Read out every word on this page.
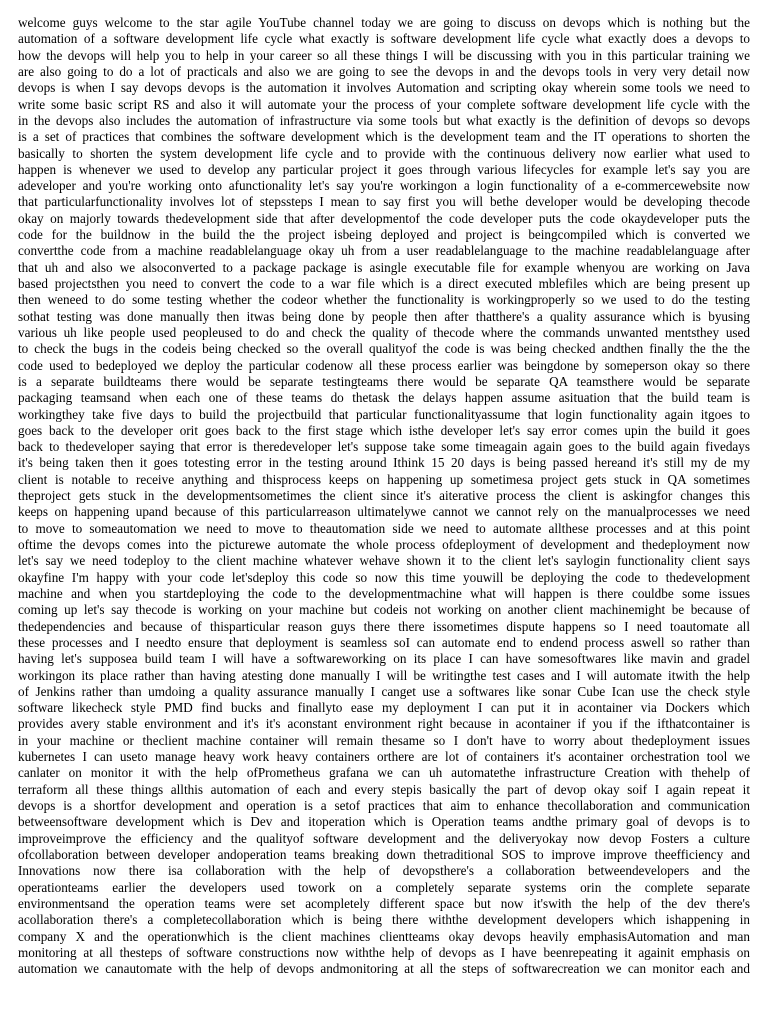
welcome guys welcome to the star agile YouTube channel today we are going to discuss on devops which is nothing but the
automation of a software development life cycle what exactly is software development life cycle what exactly does a devops to
how the devops will help you to help in your career so all these things I will be discussing with you in this particular training we
are also going to do a lot of practicals and also we are going to see the devops in and the devops tools in very very detail now
devops is when I say devops devops is the automation it involves Automation and scripting okay wherein some tools we need to
write some basic script RS and also it will automate your the process of your complete software development life cycle with the
in the devops also includes the automation of infrastructure via some tools but what exactly is the definition of devops so devops
is a set of practices that combines the software development which is the development team and the IT operations to shorten the
basically to shorten the system development life cycle and to provide with the continuous delivery now earlier what used to
happen is whenever we used to develop any particular project it goes through various lifecycles for example let's say you are
adeveloper and you're working onto afunctionality let's say you're workingon a login functionality of a e-commercewebsite now
that particularfunctionality involves lot of stepssteps I mean to say first you will bethe developer would be developing thecode
okay on majorly towards thedevelopment side that after developmentof the code developer puts the code okaydeveloper puts the
code for the buildnow in the build the the project isbeing deployed and project is beingcompiled which is converted we
convertthe code from a machine readablelanguage okay uh from a user readablelanguage to the machine readablelanguage after
that uh and also we alsoconverted to a package package is asingle executable file for example whenyou are working on Java
based projectsthen you need to convert the code to a war file which is a direct executed mblefiles which are being present up
then weneed to do some testing whether the codeor whether the functionality is workingproperly so we used to do the testing
sothat testing was done manually then itwas being done by people then after thatthere's a quality assurance which is byusing
various uh like people used peopleused to do and check the quality of thecode where the commands unwanted mentsthey used
to check the bugs in the codeis being checked so the overall qualityof the code is was being checked andthen finally the the the
code used to bedeployed we deploy the particular codenow all these process earlier was beingdone by someperson okay so there
is a separate buildteams there would be separate testingteams there would be separate QA teamsthere would be separate
packaging teamsand when each one of these teams do thetask the delays happen assume asituation that the build team is
workingthey take five days to build the projectbuild that particular functionalityassume that login functionality again itgoes to
goes back to the developer orit goes back to the first stage which isthe developer let's say error comes upin the build it goes
back to thedeveloper saying that error is theredeveloper let's suppose take some timeagain again goes to the build again fivedays
it's being taken then it goes totesting error in the testing around Ithink 15 20 days is being passed hereand it's still my de my
client is notable to receive anything and thisprocess keeps on happening up sometimesa project gets stuck in QA sometimes
theproject gets stuck in the developmentsometimes the client since it's aiterative process the client is askingfor changes this
keeps on happening upand because of this particularreason ultimatelywe cannot we cannot rely on the manualprocesses we need
to move to someautomation we need to move to theautomation side we need to automate allthese processes and at this point
oftime the devops comes into the picturewe automate the whole process ofdeployment of development and thedeployment now
let's say we need todeploy to the client machine whatever wehave shown it to the client let's saylogin functionality client says
okayfine I'm happy with your code let'sdeploy this code so now this time youwill be deploying the code to thedevelopment
machine and when you startdeploying the code to the developmentmachine what will happen is there couldbe some issues
coming up let's say thecode is working on your machine but codeis not working on another client machinemight be because of
thedependencies and because of thisparticular reason guys there there issometimes dispute happens so I need toautomate all
these processes and I needto ensure that deployment is seamless soI can automate end to endend process aswell so rather than
having let's supposea build team I will have a softwareworking on its place I can have somesoftwares like mavin and gradel
workingon its place rather than having atesting done manually I will be writingthe test cases and I will automate itwith the help
of Jenkins rather than umdoing a quality assurance manually I canget use a softwares like sonar Cube Ican use the check style
software likecheck style PMD find bucks and finallyto ease my deployment I can put it in acontainer via Dockers which
provides avery stable environment and it's it's aconstant environment right because in acontainer if you if the ifthatcontainer is
in your machine or theclient machine container will remain thesame so I don't have to worry about thedeployment issues
kubernetes I can useto manage heavy work heavy containers orthere are lot of containers it's acontainer orchestration tool we
canlater on monitor it with the help ofPrometheus grafana we can uh automatethe infrastructure Creation with thehelp of
terraform all these things allthis automation of each and every stepis basically the part of devop okay soif I again repeat it
devops is a shortfor development and operation is a setof practices that aim to enhance thecollaboration and communication
betweensoftware development which is Dev and itoperation which is Operation teams andthe primary goal of devops is to
improveimprove the efficiency and the qualityof software development and the deliveryokay now devop Fosters a culture
ofcollaboration between developer andoperation teams breaking down thetraditional SOS to improve improve theefficiency and
Innovations now there isa collaboration with the help of devopsthere's a collaboration betweendevelopers and the
operationteams earlier the developers used towork on a completely separate systems orin the complete separate
environmentsand the operation teams were set acompletely different space but now it'swith the help of the dev there's
acollaboration there's a completecollaboration which is being there withthe development developers which ishappening in
company X and the operationwhich is the client machines clientteams okay devops heavily emphasisAutomation and man
monitoring at all thesteps of software constructions now withthe help of devops as I have beenrepeating it againit emphasis on
automation we canautomate with the help of devops andmonitoring at all the steps of softwarecreation we can monitor each and
